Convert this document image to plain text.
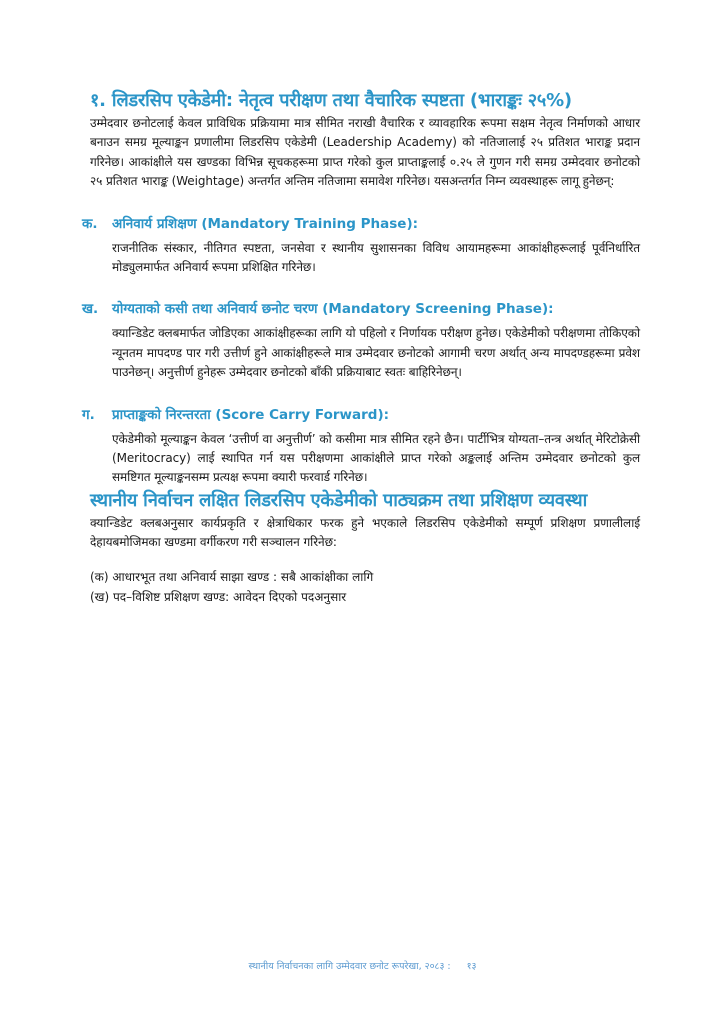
१. लिडरसिप एकेडेमी: नेतृत्व परीक्षण तथा वैचारिक स्पष्टता (भाराङ्कः २५%)

उम्मेदवार छनोटलाई केवल प्राविधिक प्रक्रियामा मात्र सीमित नराखी वैचारिक र व्यावहारिक रूपमा सक्षम नेतृत्व निर्माणको आधार बनाउन समग्र मूल्याङ्कन प्रणालीमा लिडरसिप एकेडेमी (Leadership Academy) को नतिजालाई २५ प्रतिशत भाराङ्क प्रदान गरिनेछ। आकांक्षीले यस खण्डका विभिन्न सूचकहरूमा प्राप्त गरेको कुल प्राप्ताङ्कलाई ०.२५ ले गुणन गरी समग्र उम्मेदवार छनोटको २५ प्रतिशत भाराङ्क (Weightage) अन्तर्गत अन्तिम नतिजामा समावेश गरिनेछ। यसअन्तर्गत निम्न व्यवस्थाहरू लागू हुनेछन्:

क.	अनिवार्य प्रशिक्षण (Mandatory Training Phase):

राजनीतिक संस्कार, नीतिगत स्पष्टता, जनसेवा र स्थानीय सुशासनका विविध आयामहरूमा आकांक्षीहरूलाई पूर्वनिर्धारित मोड्युलमार्फत अनिवार्य रूपमा प्रशिक्षित गरिनेछ।

ख.	योग्यताको कसी तथा अनिवार्य छनोट चरण (Mandatory Screening Phase):

क्यान्डिडेट क्लबमार्फत जोडिएका आकांक्षीहरूका लागि यो पहिलो र निर्णायक परीक्षण हुनेछ। एकेडेमीको परीक्षणमा तोकिएको न्यूनतम मापदण्ड पार गरी उत्तीर्ण हुने आकांक्षीहरूले मात्र उम्मेदवार छनोटको आगामी चरण अर्थात् अन्य मापदण्डहरूमा प्रवेश पाउनेछन्। अनुत्तीर्ण हुनेहरू उम्मेदवार छनोटको बाँकी प्रक्रियाबाट स्वतः बाहिरिनेछन्।

ग.	प्राप्ताङ्कको निरन्तरता (Score Carry Forward):

एकेडेमीको मूल्याङ्कन केवल ‘उत्तीर्ण वा अनुत्तीर्ण’ को कसीमा मात्र सीमित रहने छैन। पार्टीभित्र योग्यता–तन्त्र अर्थात् मेरिटोक्रेसी (Meritocracy) लाई स्थापित गर्न यस परीक्षणमा आकांक्षीले प्राप्त गरेको अङ्कलाई अन्तिम उम्मेदवार छनोटको कुल समष्टिगत मूल्याङ्कनसम्म प्रत्यक्ष रूपमा क्यारी फरवार्ड गरिनेछ।

स्थानीय निर्वाचन लक्षित लिडरसिप एकेडेमीको पाठ्यक्रम तथा प्रशिक्षण व्यवस्था

क्यान्डिडेट क्लबअनुसार कार्यप्रकृति र क्षेत्राधिकार फरक हुने भएकाले लिडरसिप एकेडेमीको सम्पूर्ण प्रशिक्षण प्रणालीलाई देहायबमोजिमका खण्डमा वर्गीकरण गरी सञ्चालन गरिनेछ:

(क) आधारभूत तथा अनिवार्य साझा खण्ड : सबै आकांक्षीका लागि

(ख) पद–विशिष्ट प्रशिक्षण खण्ड: आवेदन दिएको पदअनुसार

स्थानीय निर्वाचनका लागि उम्मेदवार छनोट रूपरेखा, २०८३ : १३
